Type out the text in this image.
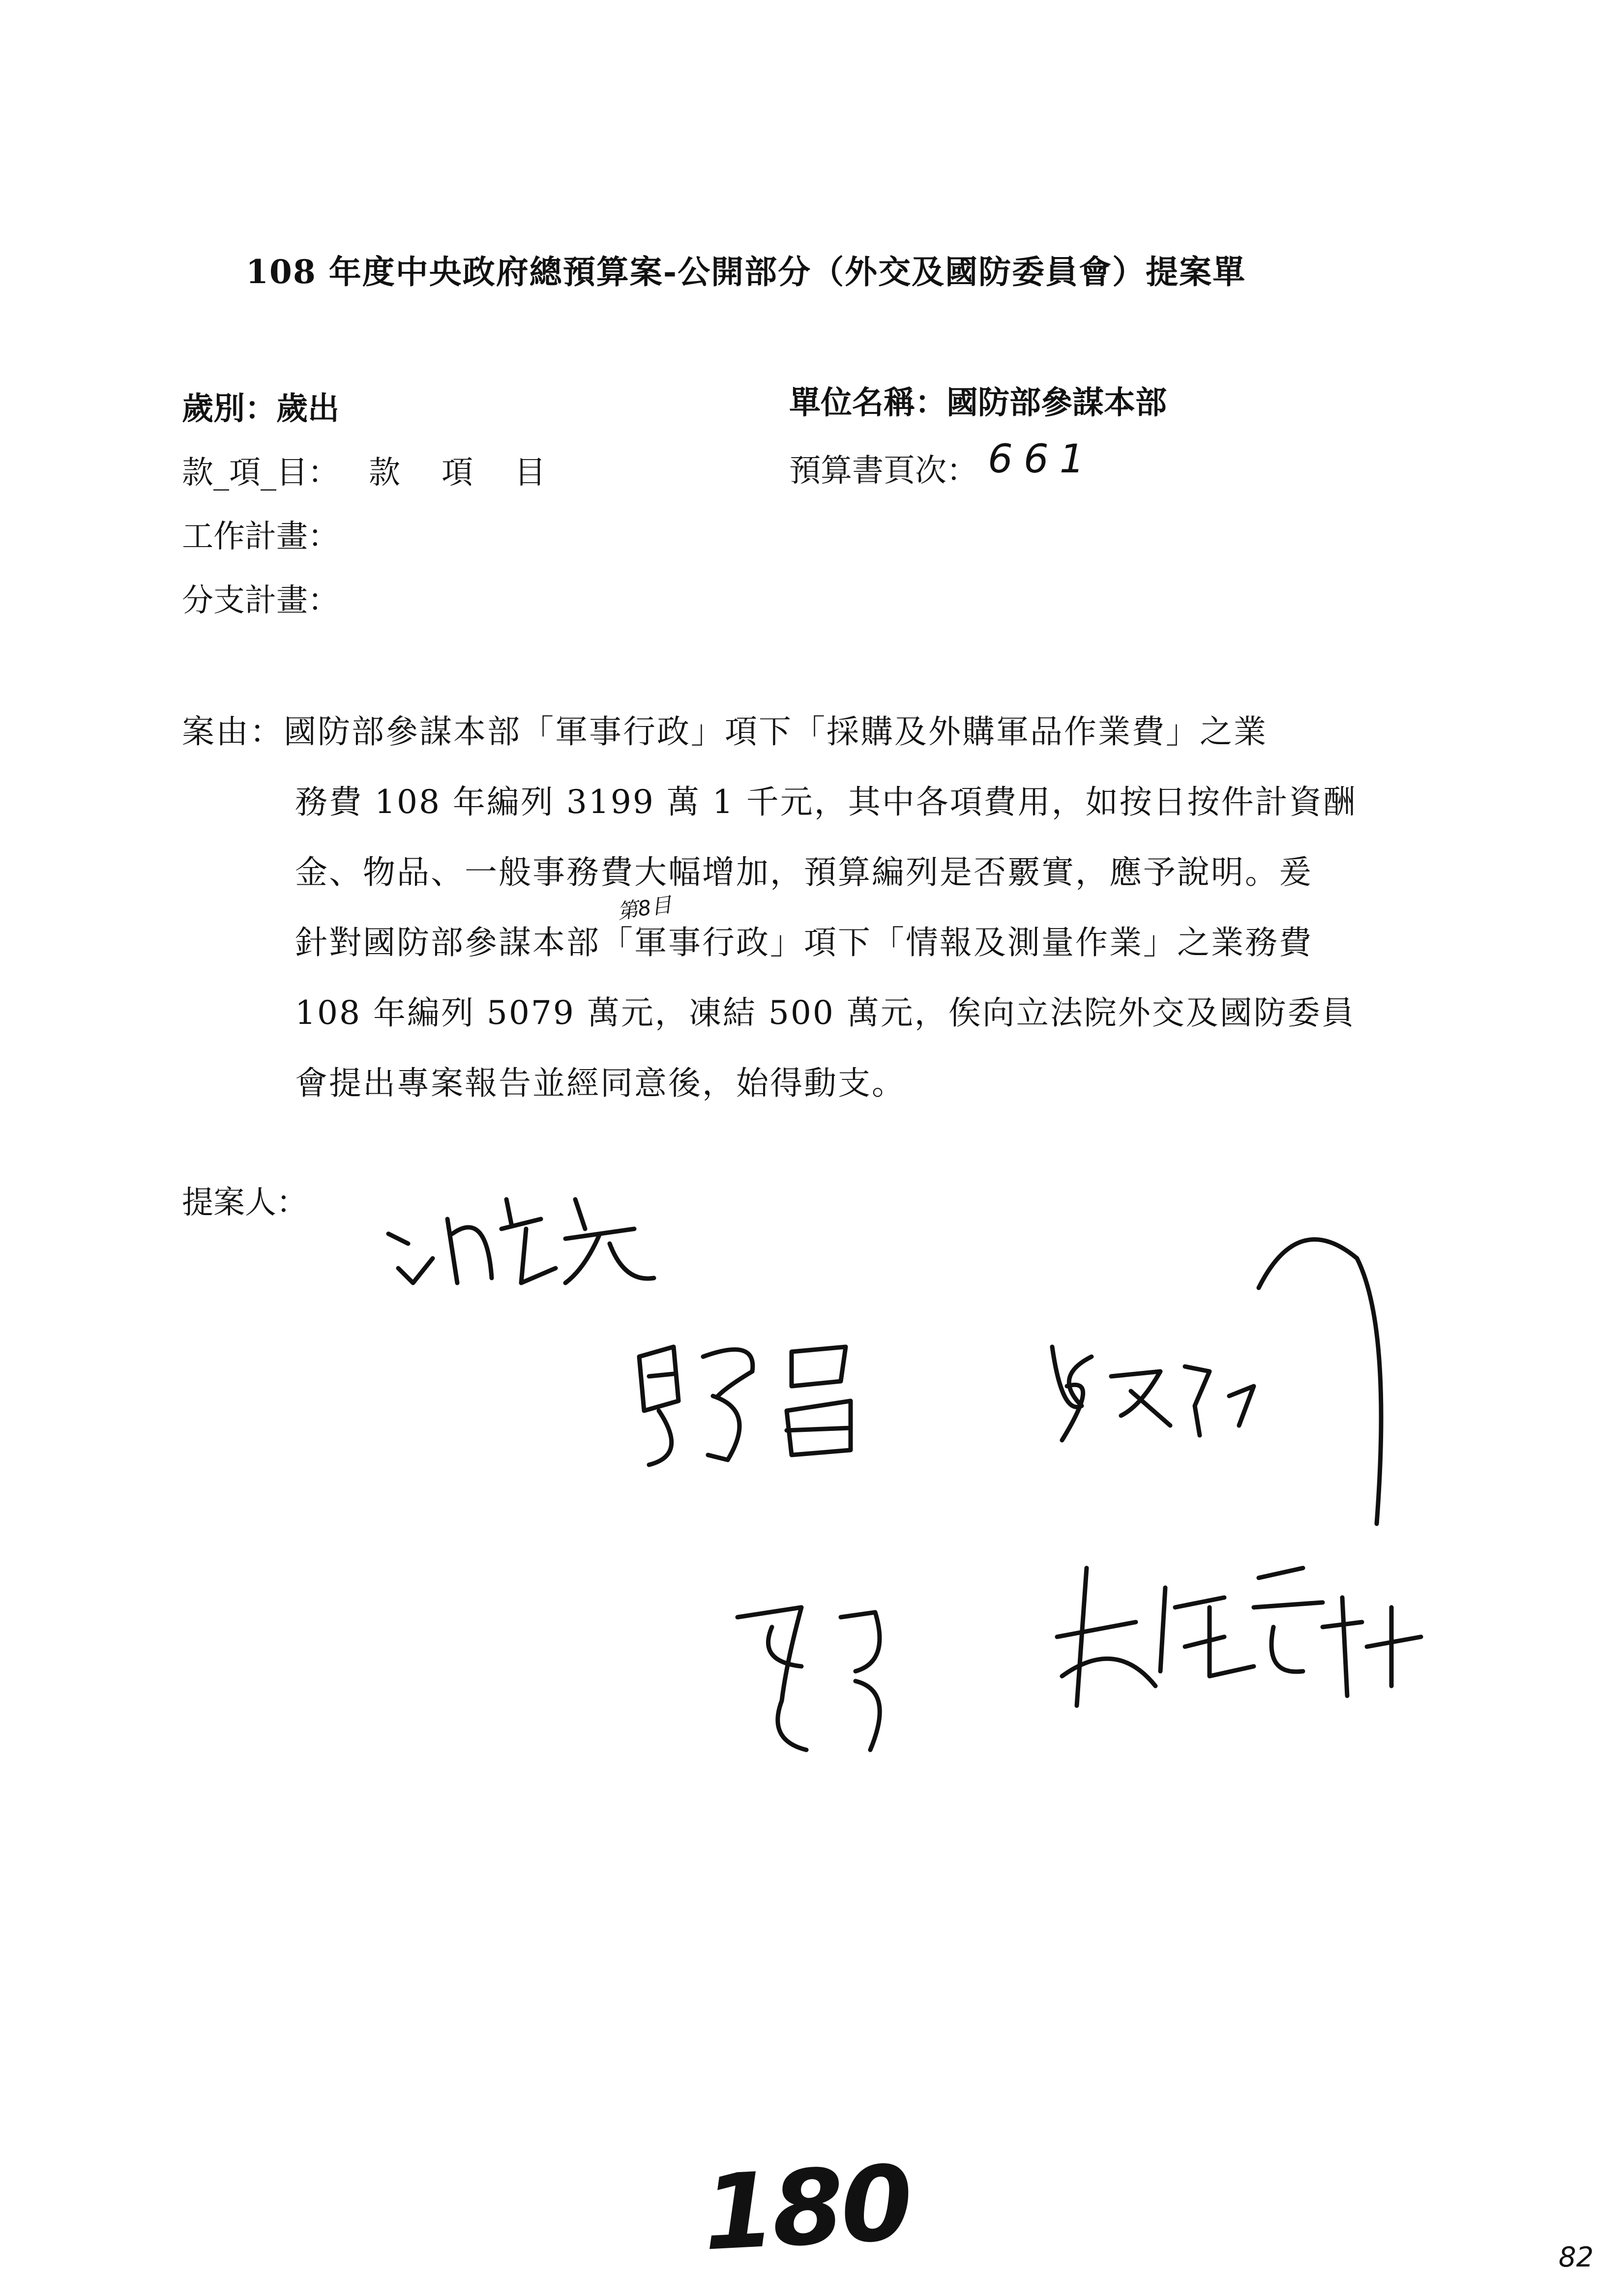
108 年度中央政府總預算案-公開部分（外交及國防委員會）提案單
歲別：歲出	單位名稱：國防部參謀本部
款_項_目： 款　項　目	預算書頁次： 661
工作計畫：
分支計畫：
案由：國防部參謀本部「軍事行政」項下「採購及外購軍品作業費」之業
務費 108 年編列 3199 萬 1 千元，其中各項費用，如按日按件計資酬
金、物品、一般事務費大幅增加，預算編列是否覈實，應予說明。爰
針對國防部參謀本部「軍事行政」項下「情報及測量作業」之業務費
108 年編列 5079 萬元，凍結 500 萬元，俟向立法院外交及國防委員
會提出專案報告並經同意後，始得動支。
第8目
提案人：
180	82
